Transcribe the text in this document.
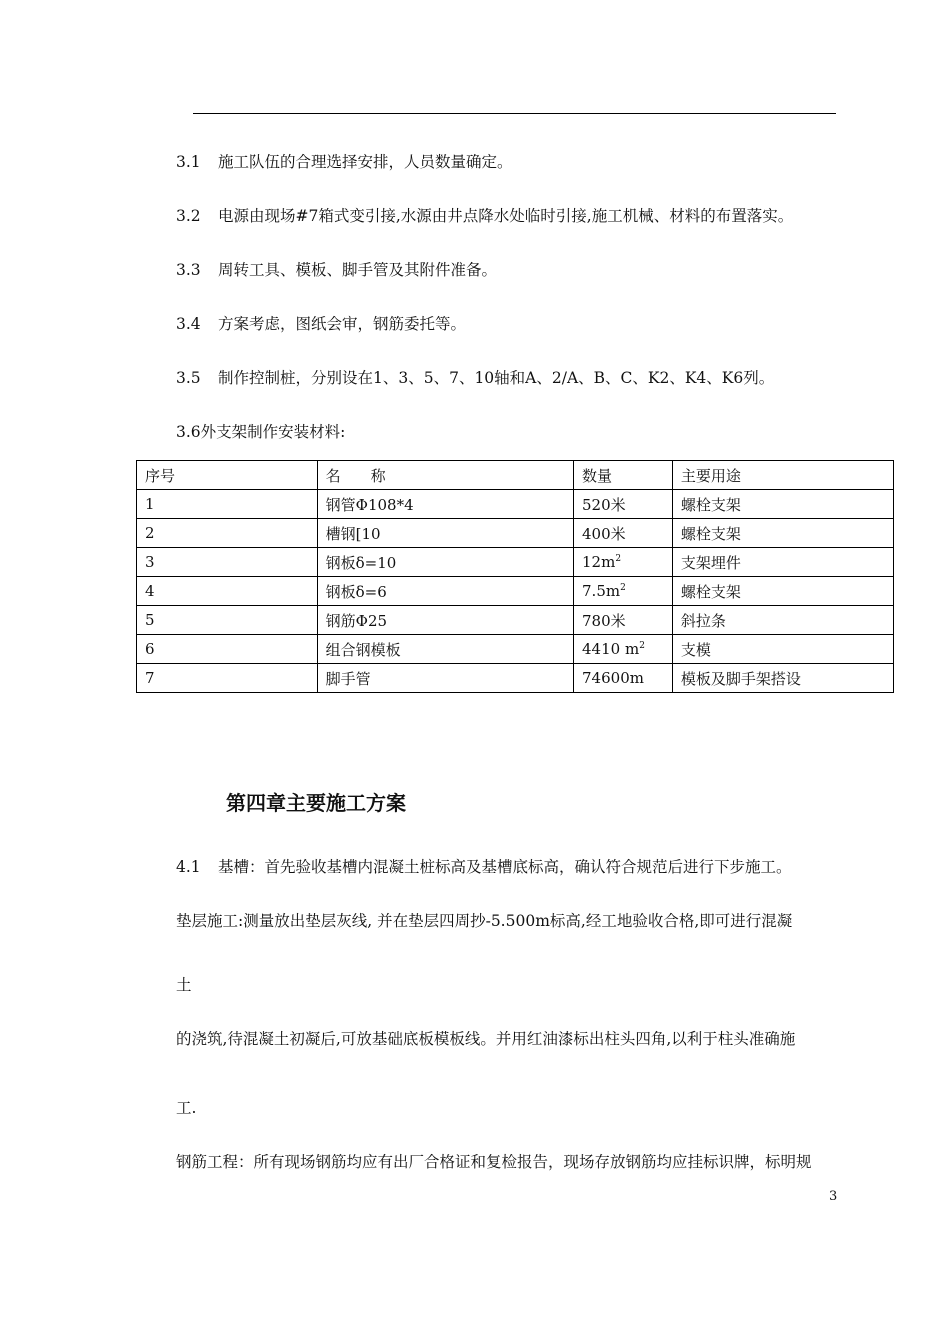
3.1 施工队伍的合理选择安排，人员数量确定。
3.2 电源由现场#7箱式变引接,水源由井点降水处临时引接,施工机械、材料的布置落实。
3.3 周转工具、模板、脚手管及其附件准备。
3.4 方案考虑，图纸会审，钢筋委托等。
3.5 制作控制桩，分别设在1、3、5、7、10轴和A、2/A、B、C、K2、K4、K6列。
3.6外支架制作安装材料:
序号	名　　称	数量	主要用途
1	钢管Φ108*4	520米	螺栓支架
2	槽钢[10	400米	螺栓支架
3	钢板δ=10	$12m^2$	支架埋件
4	钢板δ=6	$7.5m^2$	螺栓支架
5	钢筋Φ25	780米	斜拉条
6	组合钢模板	4410 $m^2$	支模
7	脚手管	74600m	模板及脚手架搭设
第四章主要施工方案
4.1 基槽：首先验收基槽内混凝土桩标高及基槽底标高，确认符合规范后进行下步施工。
垫层施工:测量放出垫层灰线, 并在垫层四周抄-5.500m标高,经工地验收合格,即可进行混凝
土
的浇筑,待混凝土初凝后,可放基础底板模板线。并用红油漆标出柱头四角,以利于柱头准确施
工.
钢筋工程：所有现场钢筋均应有出厂合格证和复检报告，现场存放钢筋均应挂标识牌，标明规
3
